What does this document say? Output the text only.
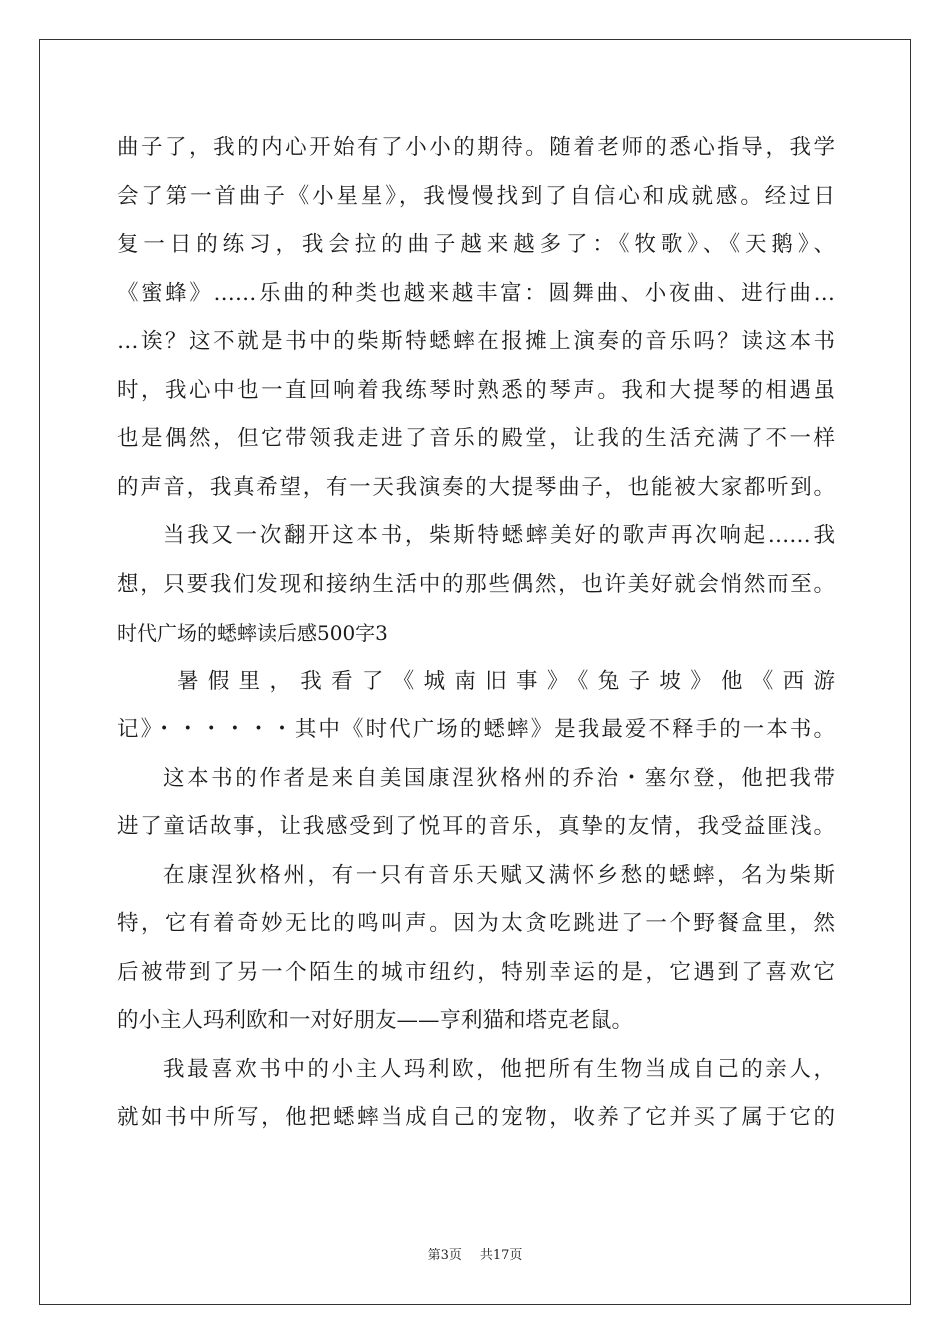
曲子了，我的内心开始有了小小的期待。随着老师的悉心指导，我学
会了第一首曲子《小星星》，我慢慢找到了自信心和成就感。经过日
复一日的练习，我会拉的曲子越来越多了：《牧歌》、《天鹅》、
《蜜蜂》……乐曲的种类也越来越丰富：圆舞曲、小夜曲、进行曲…
…诶？这不就是书中的柴斯特蟋蟀在报摊上演奏的音乐吗？读这本书
时，我心中也一直回响着我练琴时熟悉的琴声。我和大提琴的相遇虽
也是偶然，但它带领我走进了音乐的殿堂，让我的生活充满了不一样
的声音，我真希望，有一天我演奏的大提琴曲子，也能被大家都听到。
当我又一次翻开这本书，柴斯特蟋蟀美好的歌声再次响起……我
想，只要我们发现和接纳生活中的那些偶然，也许美好就会悄然而至。
时代广场的蟋蟀读后感500字3
暑假里，我看了《城南旧事》《兔子坡》他《西游
记》・・・・・・其中《时代广场的蟋蟀》是我最爱不释手的一本书。
这本书的作者是来自美国康涅狄格州的乔治・塞尔登，他把我带
进了童话故事，让我感受到了悦耳的音乐，真挚的友情，我受益匪浅。
在康涅狄格州，有一只有音乐天赋又满怀乡愁的蟋蟀，名为柴斯
特，它有着奇妙无比的鸣叫声。因为太贪吃跳进了一个野餐盒里，然
后被带到了另一个陌生的城市纽约，特别幸运的是，它遇到了喜欢它
的小主人玛利欧和一对好朋友——亨利猫和塔克老鼠。
我最喜欢书中的小主人玛利欧，他把所有生物当成自己的亲人，
就如书中所写，他把蟋蟀当成自己的宠物，收养了它并买了属于它的
第3页 共17页
